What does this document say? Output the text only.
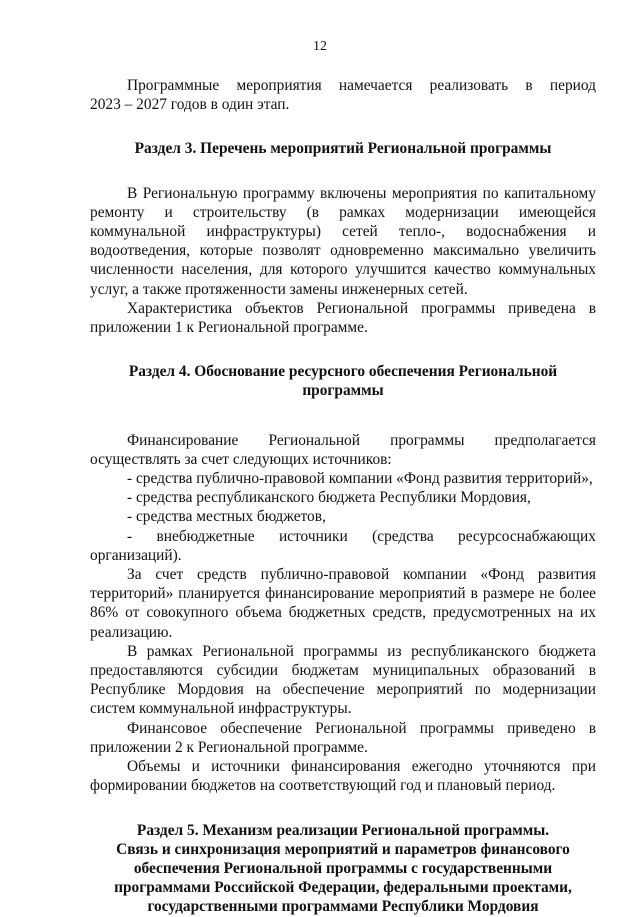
12
Программные мероприятия намечается реализовать в период

2023 – 2027 годов в один этап.

Раздел 3. Перечень мероприятий Региональной программы

В Региональную программу включены мероприятия по капитальному ремонту и строительству (в рамках модернизации имеющейся коммунальной инфраструктуры) сетей тепло-, водоснабжения и водоотведения, которые позволят одновременно максимально увеличить численности населения, для которого улучшится качество коммунальных услуг, а также протяженности замены инженерных сетей.

Характеристика объектов Региональной программы приведена в приложении 1 к Региональной программе.

Раздел 4. Обоснование ресурсного обеспечения Региональной
программы

Финансирование Региональной программы предполагается

осуществлять за счет следующих источников:

- средства публично-правовой компании «Фонд развития территорий»,

- средства республиканского бюджета Республики Мордовия,

- средства местных бюджетов,

- внебюджетные источники (средства ресурсоснабжающих

организаций).

За счет средств публично-правовой компании «Фонд развития территорий» планируется финансирование мероприятий в размере не более 86% от совокупного объема бюджетных средств, предусмотренных на их реализацию.

В рамках Региональной программы из республиканского бюджета предоставляются субсидии бюджетам муниципальных образований в Республике Мордовия на обеспечение мероприятий по модернизации систем коммунальной инфраструктуры.

Финансовое обеспечение Региональной программы приведено в приложении 2 к Региональной программе.

Объемы и источники финансирования ежегодно уточняются при формировании бюджетов на соответствующий год и плановый период.

Раздел 5. Механизм реализации Региональной программы.
Связь и синхронизация мероприятий и параметров финансового
обеспечения Региональной программы с государственными
программами Российской Федерации, федеральными проектами,
государственными программами Республики Мордовия
